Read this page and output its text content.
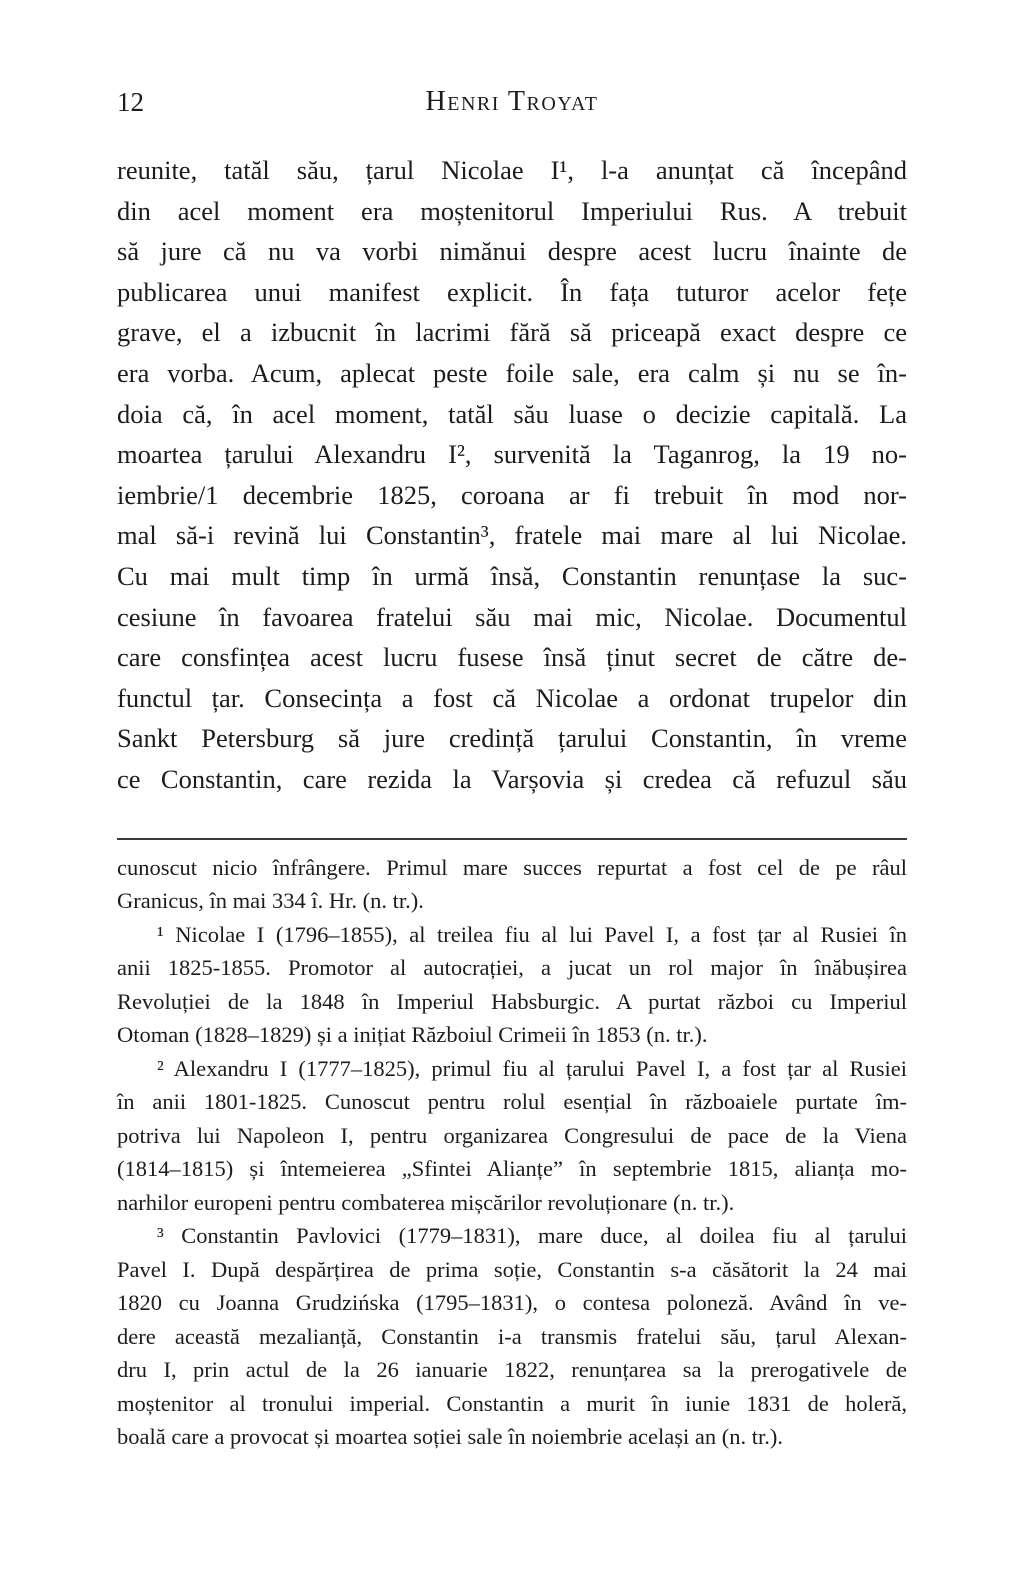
12	Henri Troyat
reunite, tatăl său, țarul Nicolae I¹, l-a anunțat că începând
din acel moment era moștenitorul Imperiului Rus. A trebuit
să jure că nu va vorbi nimănui despre acest lucru înainte de
publicarea unui manifest explicit. În fața tuturor acelor fețe
grave, el a izbucnit în lacrimi fără să priceapă exact despre ce
era vorba. Acum, aplecat peste foile sale, era calm și nu se în-
doia că, în acel moment, tatăl său luase o decizie capitală. La
moartea țarului Alexandru I², survenită la Taganrog, la 19 no-
iembrie/1 decembrie 1825, coroana ar fi trebuit în mod nor-
mal să-i revină lui Constantin³, fratele mai mare al lui Nicolae.
Cu mai mult timp în urmă însă, Constantin renunțase la suc-
cesiune în favoarea fratelui său mai mic, Nicolae. Documentul
care consfințea acest lucru fusese însă ținut secret de către de-
functul țar. Consecința a fost că Nicolae a ordonat trupelor din
Sankt Petersburg să jure credință țarului Constantin, în vreme
ce Constantin, care rezida la Varșovia și credea că refuzul său
cunoscut nicio înfrângere. Primul mare succes repurtat a fost cel de pe râul
Granicus, în mai 334 î. Hr. (n. tr.).
¹ Nicolae I (1796–1855), al treilea fiu al lui Pavel I, a fost țar al Rusiei în
anii 1825-1855. Promotor al autocrației, a jucat un rol major în înăbușirea
Revoluției de la 1848 în Imperiul Habsburgic. A purtat război cu Imperiul
Otoman (1828–1829) și a inițiat Războiul Crimeii în 1853 (n. tr.).
² Alexandru I (1777–1825), primul fiu al țarului Pavel I, a fost țar al Rusiei
în anii 1801-1825. Cunoscut pentru rolul esențial în războaiele purtate îm-
potriva lui Napoleon I, pentru organizarea Congresului de pace de la Viena
(1814–1815) și întemeierea „Sfintei Alianțe” în septembrie 1815, alianța mo-
narhilor europeni pentru combaterea mișcărilor revoluționare (n. tr.).
³ Constantin Pavlovici (1779–1831), mare duce, al doilea fiu al țarului
Pavel I. După despărțirea de prima soție, Constantin s-a căsătorit la 24 mai
1820 cu Joanna Grudzińska (1795–1831), o contesa poloneză. Având în ve-
dere această mezalianță, Constantin i-a transmis fratelui său, țarul Alexan-
dru I, prin actul de la 26 ianuarie 1822, renunțarea sa la prerogativele de
moștenitor al tronului imperial. Constantin a murit în iunie 1831 de holeră,
boală care a provocat și moartea soției sale în noiembrie același an (n. tr.).
